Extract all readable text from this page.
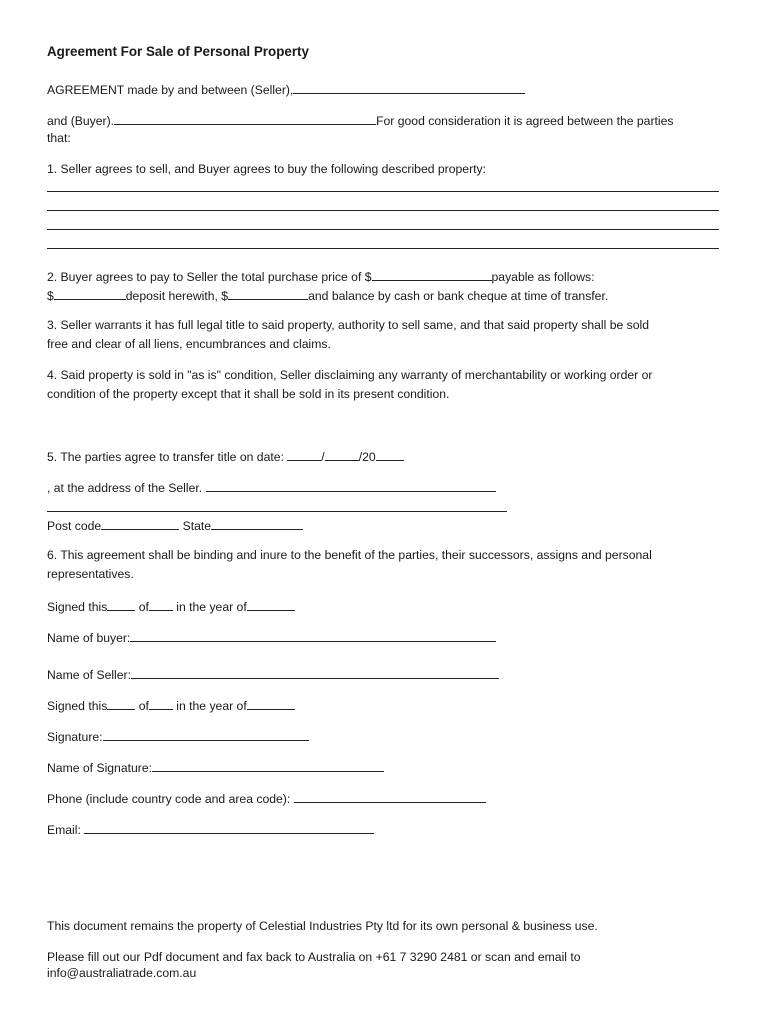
Agreement For Sale of Personal Property
AGREEMENT made by and between (Seller),
and (Buyer).	For good consideration it is agreed between the parties
that:
1. Seller agrees to sell, and Buyer agrees to buy the following described property:
2. Buyer agrees to pay to Seller the total purchase price of $	payable as follows:
$	deposit herewith, $	and balance by cash or bank cheque at time of transfer.
3. Seller warrants it has full legal title to said property, authority to sell same, and that said property shall be sold
free and clear of all liens, encumbrances and claims.
4. Said property is sold in "as is" condition, Seller disclaiming any warranty of merchantability or working order or
condition of the property except that it shall be sold in its present condition.
5. The parties agree to transfer title on date:	/	/20
, at the address of the Seller.
Post code	State
6. This agreement shall be binding and inure to the benefit of the parties, their successors, assigns and personal
representatives.
Signed this	of in the year of
Name of buyer:
Name of Seller:
Signed this	of in the year of
Signature:
Name of Signature:
Phone (include country code and area code):
Email:
This document remains the property of Celestial Industries Pty ltd for its own personal & business use.
Please fill out our Pdf document and fax back to Australia on +61 7 3290 2481 or scan and email to
info@australiatrade.com.au
